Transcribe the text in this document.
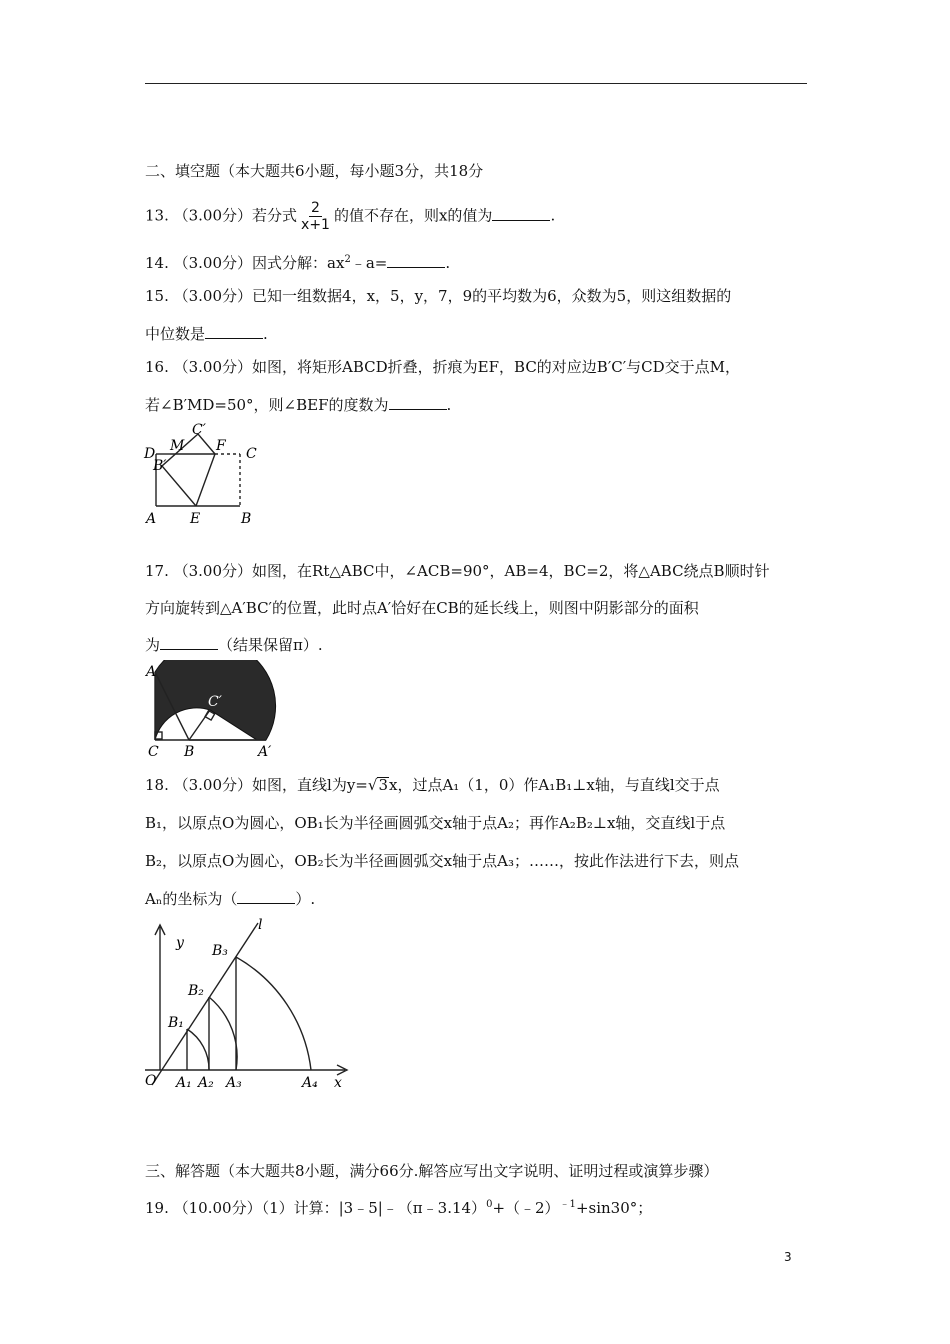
二、填空题（本大题共6小题，每小题3分，共18分
13. （3.00分）若分式 $\frac{2}{x+1}$ 的值不存在，则x的值为	.
14. （3.00分）因式分解：$ax^2﹣a=$	.
15. （3.00分）已知一组数据4，x，5，y，7，9的平均数为6，众数为5，则这组数据的
中位数是	.
16. （3.00分）如图，将矩形ABCD折叠，折痕为EF，BC的对应边B′C′与CD交于点M，
若∠B′MD=50°，则∠BEF的度数为	.
D M
C′
F C
B′
A E	B
17. （3.00分）如图，在Rt△ABC中，∠ACB=90°，AB=4，BC=2，将△ABC绕点B顺时针
方向旋转到△A′BC′的位置，此时点A′恰好在CB的延长线上，则图中阴影部分的面积
为	（结果保留π）.
A
C′
C B	A′
18. （3.00分）如图，直线l为y=√3x，过点A₁（1，0）作A₁B₁⊥x轴，与直线l交于点
B₁，以原点O为圆心，OB₁长为半径画圆弧交x轴于点A₂；再作A₂B₂⊥x轴，交直线l于点
B₂，以原点O为圆心，OB₂长为半径画圆弧交x轴于点A₃；……，按此作法进行下去，则点
Aₙ的坐标为（	）.
y
l
B₃
B₂
B₁
O A₁ A₂ A₃	A₄ x
三、解答题（本大题共8小题，满分66分.解答应写出文字说明、证明过程或演算步骤）
19. （10.00分）（1）计算：|3﹣5|﹣（π﹣3.14）$^0$+（﹣2）$^{﹣1}$+sin30°；
3
